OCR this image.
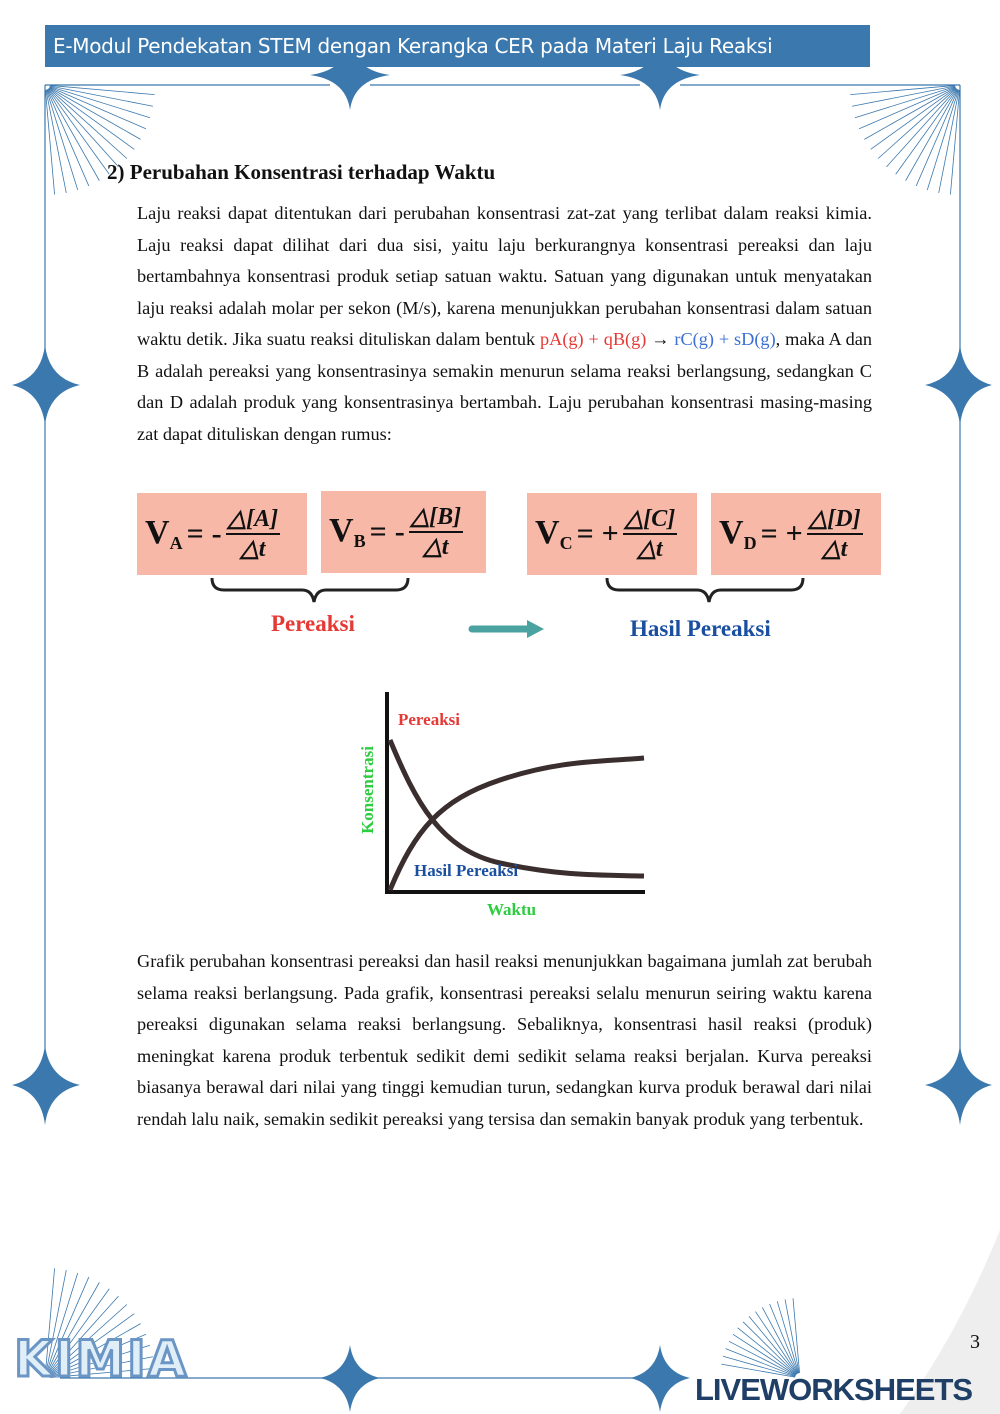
E-Modul Pendekatan STEM dengan Kerangka CER pada Materi Laju Reaksi
2) Perubahan Konsentrasi terhadap Waktu
Laju reaksi dapat ditentukan dari perubahan konsentrasi zat-zat yang terlibat dalam reaksi kimia. Laju reaksi dapat dilihat dari dua sisi, yaitu laju berkurangnya konsentrasi pereaksi dan laju bertambahnya konsentrasi produk setiap satuan waktu. Satuan yang digunakan untuk menyatakan laju reaksi adalah molar per sekon (M/s), karena menunjukkan perubahan konsentrasi dalam satuan waktu detik. Jika suatu reaksi dituliskan dalam bentuk pA(g) + qB(g) → rC(g) + sD(g), maka A dan B adalah pereaksi yang konsentrasinya semakin menurun selama reaksi berlangsung, sedangkan C dan D adalah produk yang konsentrasinya bertambah. Laju perubahan konsentrasi masing-masing zat dapat dituliskan dengan rumus:
$V_A$ = - $\frac{\triangle[A]}{\triangle t} V_B$ = - $\frac{\triangle[B]}{\triangle t} V_C$ = + $\frac{\triangle[C]}{\triangle t} V_D$ = + $\frac{\triangle[D]}{\triangle t}$
Pereaksi	Hasil Pereaksi
Pereaksi
Hasil Pereaksi
Waktu
Konsentrasi
Grafik perubahan konsentrasi pereaksi dan hasil reaksi menunjukkan bagaimana jumlah zat berubah selama reaksi berlangsung. Pada grafik, konsentrasi pereaksi selalu menurun seiring waktu karena pereaksi digunakan selama reaksi berlangsung. Sebaliknya, konsentrasi hasil reaksi (produk) meningkat karena produk terbentuk sedikit demi sedikit selama reaksi berjalan. Kurva pereaksi biasanya berawal dari nilai yang tinggi kemudian turun, sedangkan kurva produk berawal dari nilai rendah lalu naik, semakin sedikit pereaksi yang tersisa dan semakin banyak produk yang terbentuk.
KIMIA	3
LIVEWORKSHEETS
